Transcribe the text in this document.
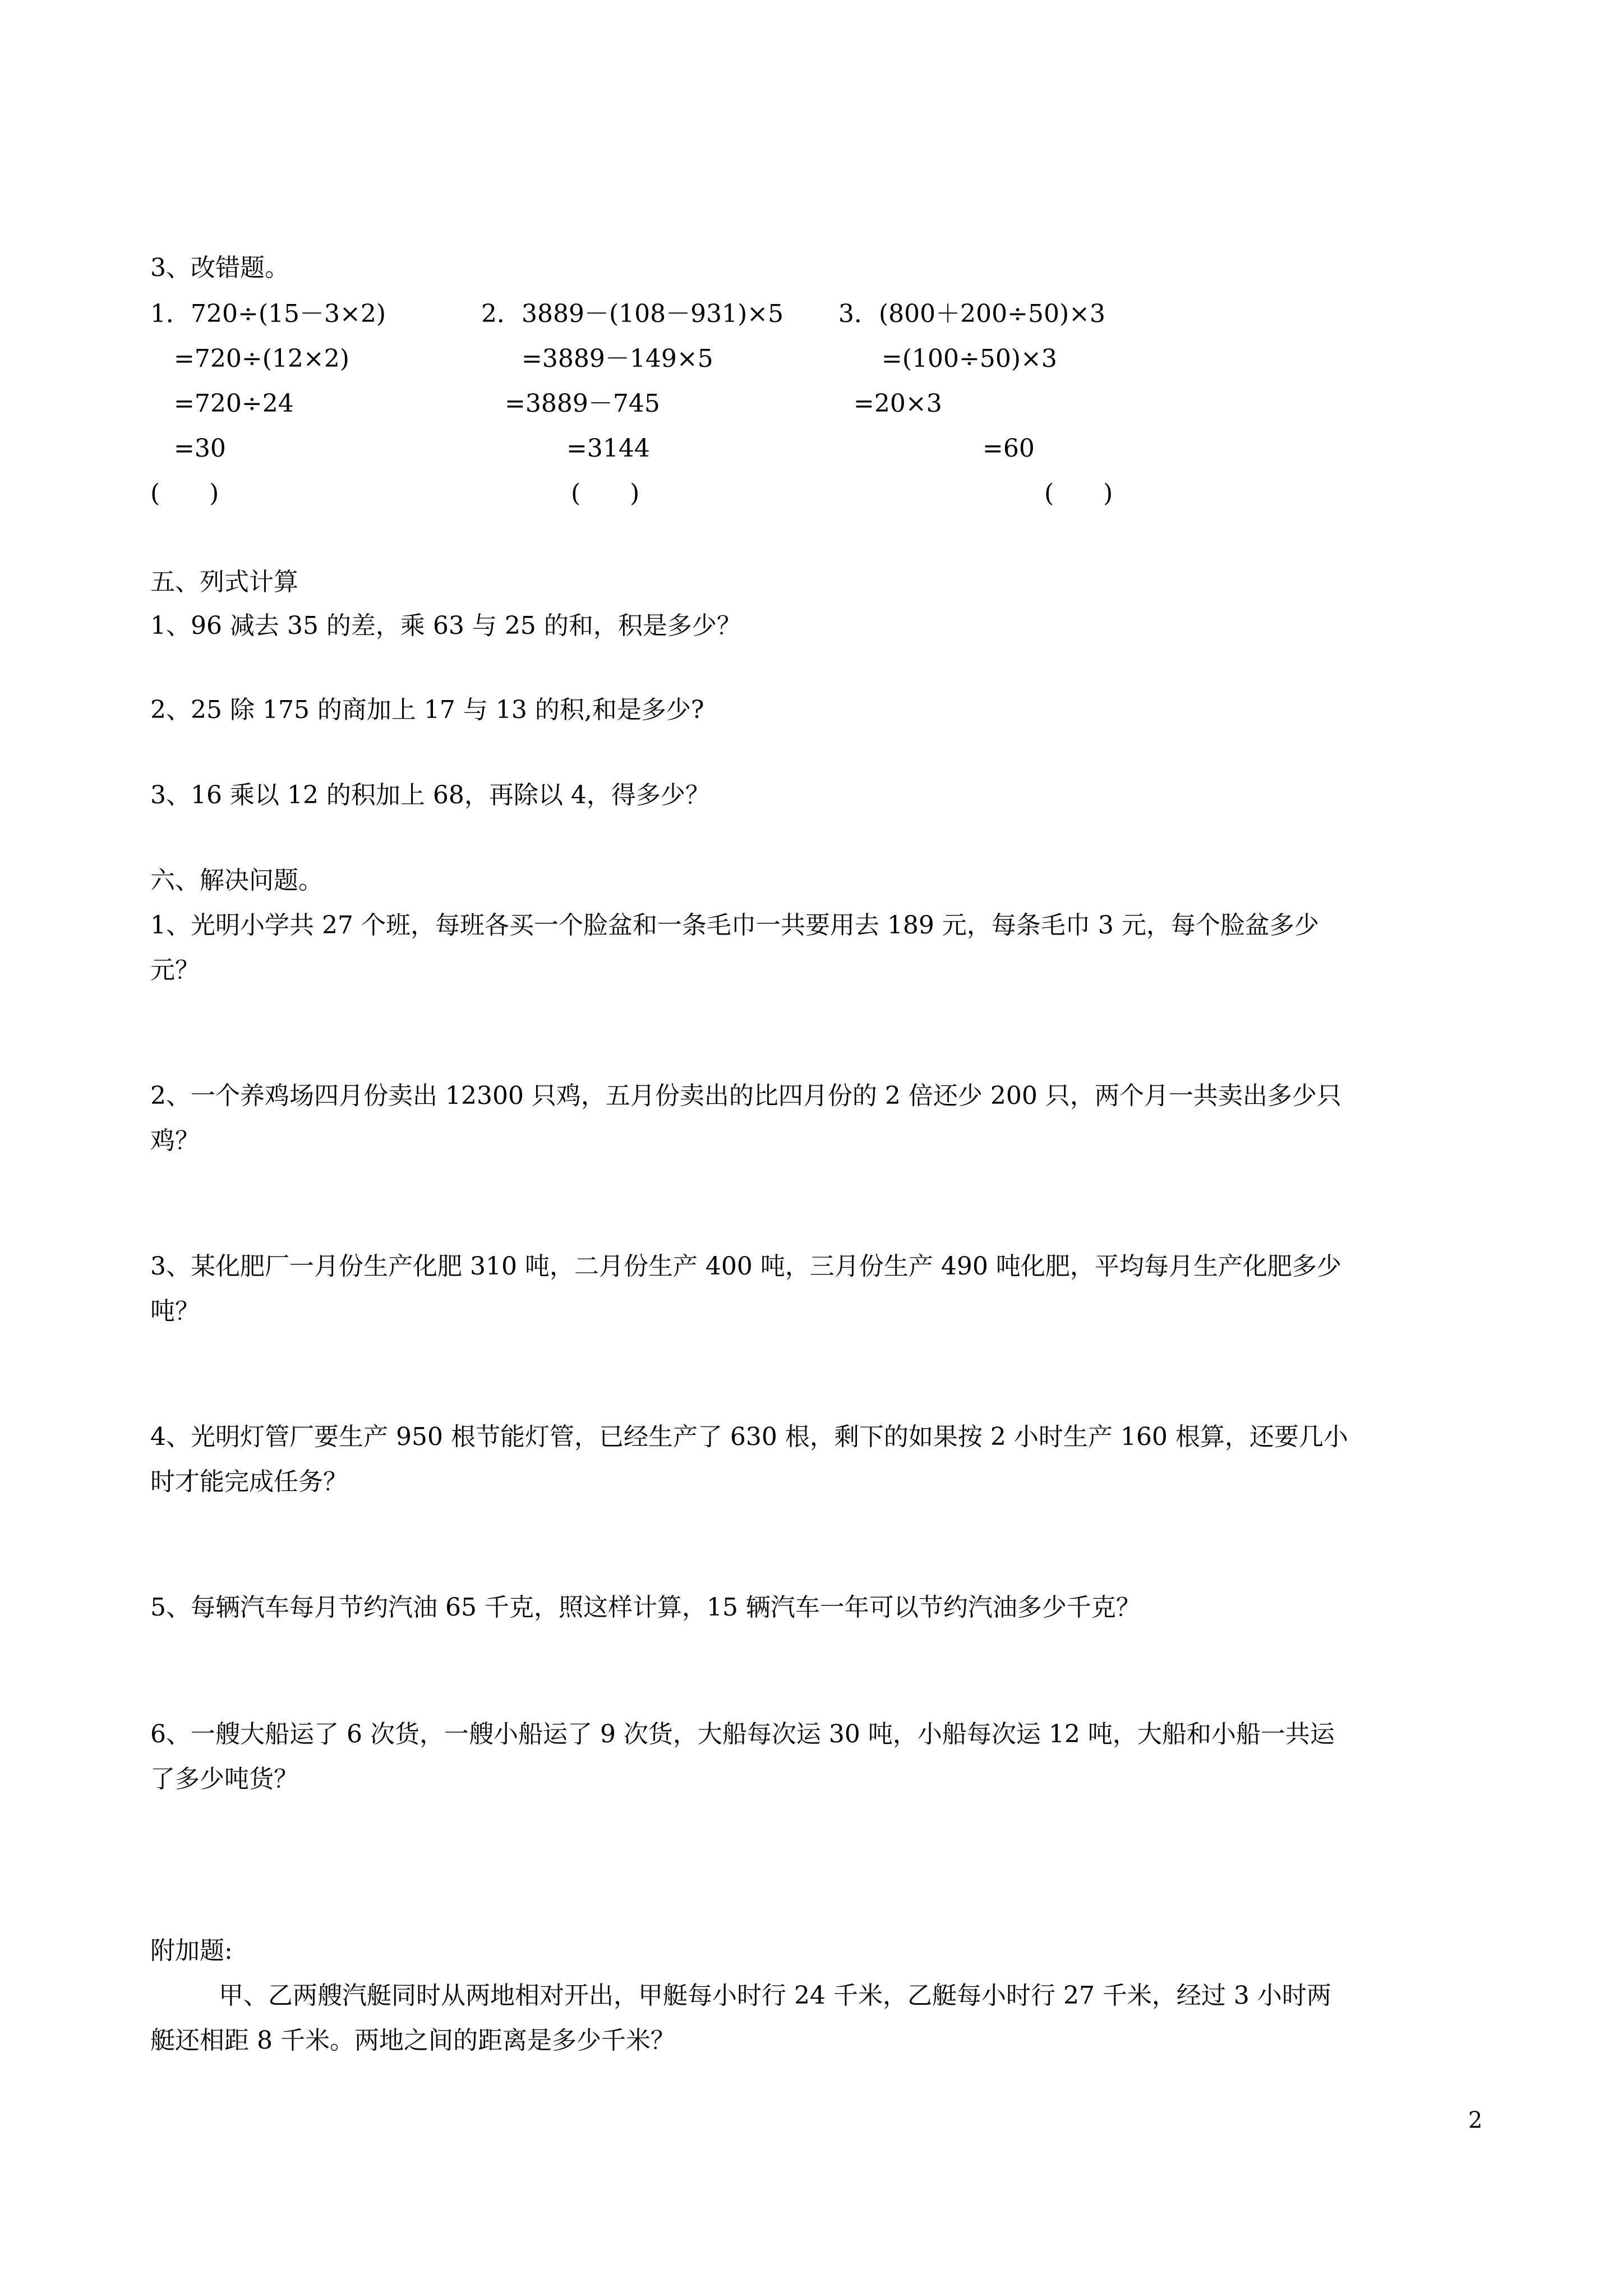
3、改错题。
1．720÷(15－3×2)
=720÷(12×2)
=720÷24
=30
(　　)
2．3889－(108－931)×5
=3889－149×5
=3889－745
=3144
(　　)
3．(800＋200÷50)×3
=(100÷50)×3
=20×3
=60
(　　)
五、列式计算
1、96 减去 35 的差，乘 63 与 25 的和，积是多少？
2、25 除 175 的商加上 17 与 13 的积,和是多少?
3、16 乘以 12 的积加上 68，再除以 4，得多少？
六、解决问题。
1、光明小学共 27 个班，每班各买一个脸盆和一条毛巾一共要用去 189 元，每条毛巾 3 元，每个脸盆多少
元？
2、一个养鸡场四月份卖出 12300 只鸡，五月份卖出的比四月份的 2 倍还少 200 只，两个月一共卖出多少只
鸡？
3、某化肥厂一月份生产化肥 310 吨，二月份生产 400 吨，三月份生产 490 吨化肥，平均每月生产化肥多少
吨？
4、光明灯管厂要生产 950 根节能灯管，已经生产了 630 根，剩下的如果按 2 小时生产 160 根算，还要几小
时才能完成任务？
5、每辆汽车每月节约汽油 65 千克，照这样计算，15 辆汽车一年可以节约汽油多少千克？
6、一艘大船运了 6 次货，一艘小船运了 9 次货，大船每次运 30 吨，小船每次运 12 吨，大船和小船一共运
了多少吨货？
附加题:
甲、乙两艘汽艇同时从两地相对开出，甲艇每小时行 24 千米，乙艇每小时行 27 千米，经过 3 小时两
艇还相距 8 千米。两地之间的距离是多少千米？
2
